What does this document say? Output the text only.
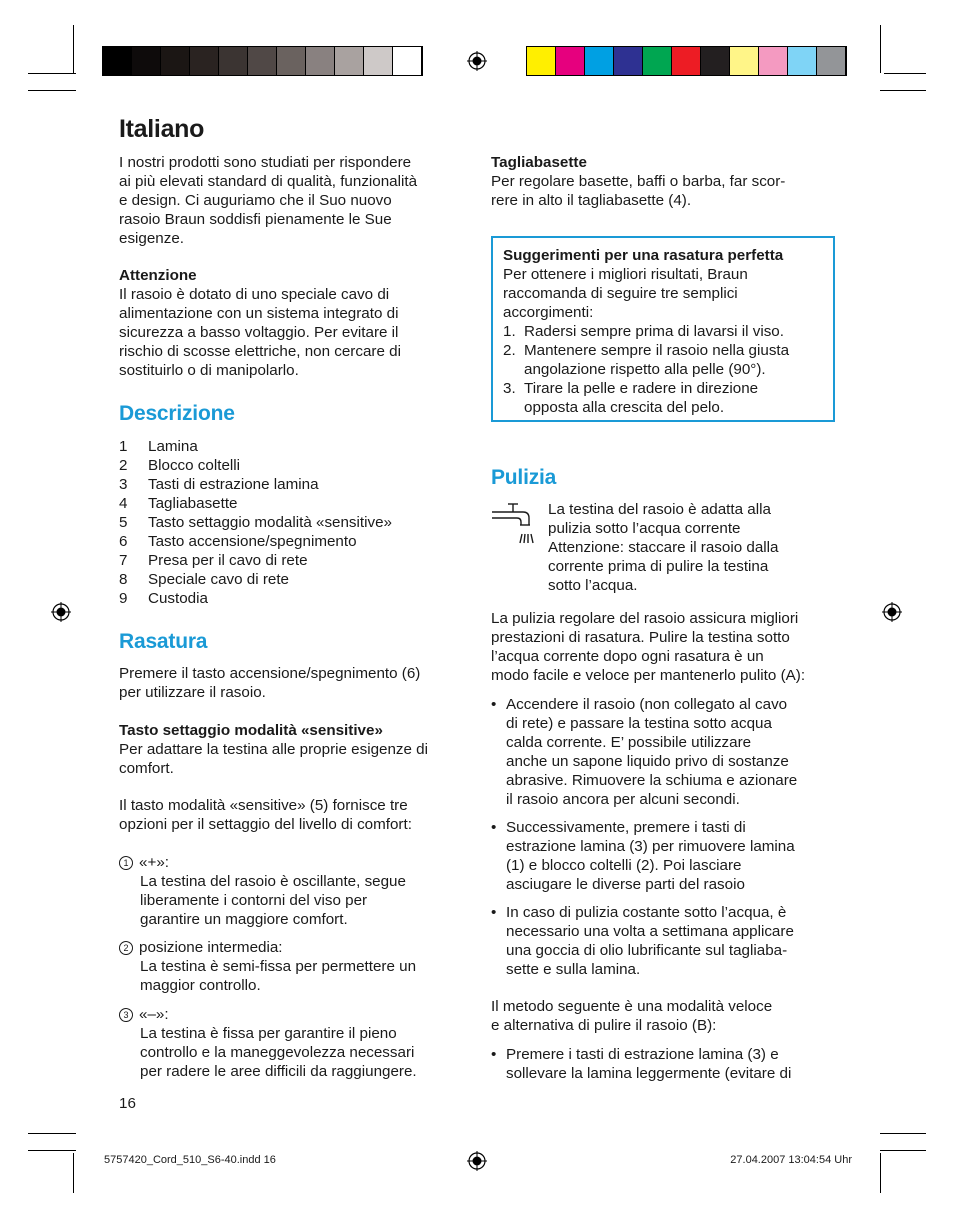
Italiano

I nostri prodotti sono studiati per rispondere

ai più elevati standard di qualità, funzionalità

e design. Ci auguriamo che il Suo nuovo

rasoio Braun soddisfi pienamente le Sue

esigenze.

Attenzione

Il rasoio è dotato di uno speciale cavo di

alimentazione con un sistema integrato di

sicurezza a basso voltaggio. Per evitare il

rischio di scosse elettriche, non cercare di

sostituirlo o di manipolarlo.

Descrizione
1	Lamina
2	Blocco coltelli
3	Tasti di estrazione lamina
4	Tagliabasette
5	Tasto settaggio modalità «sensitive»
6	Tasto accensione/spegnimento
7	Presa per il cavo di rete
8	Speciale cavo di rete
9	Custodia
Rasatura

Premere il tasto accensione/spegnimento (6)

per utilizzare il rasoio.

Tasto settaggio modalità «sensitive»

Per adattare la testina alle proprie esigenze di

comfort.

Il tasto modalità «sensitive» (5) fornisce tre

opzioni per il settaggio del livello di comfort:

1 «+»:

La testina del rasoio è oscillante, segue

liberamente i contorni del viso per

garantire un maggiore comfort.

2 posizione intermedia:

La testina è semi-fissa per permettere un

maggior controllo.

3 «–»:

La testina è fissa per garantire il pieno

controllo e la maneggevolezza necessari

per radere le aree difficili da raggiungere.

16

Tagliabasette

Per regolare basette, baffi o barba, far scor-

rere in alto il tagliabasette (4).

Suggerimenti per una rasatura perfetta

Per ottenere i migliori risultati, Braun

raccomanda di seguire tre semplici

accorgimenti:

1. Radersi sempre prima di lavarsi il viso.
2. Mantenere sempre il rasoio nella giusta
angolazione rispetto alla pelle (90°).
3. Tirare la pelle e radere in direzione
opposta alla crescita del pelo.
Pulizia

La testina del rasoio è adatta alla

pulizia sotto l’acqua corrente

Attenzione: staccare il rasoio dalla

corrente prima di pulire la testina

sotto l’acqua.

La pulizia regolare del rasoio assicura migliori

prestazioni di rasatura. Pulire la testina sotto

l’acqua corrente dopo ogni rasatura è un

modo facile e veloce per mantenerlo pulito (A):

• Accendere il rasoio (non collegato al cavo
di rete) e passare la testina sotto acqua
calda corrente. E’ possibile utilizzare
anche un sapone liquido privo di sostanze
abrasive. Rimuovere la schiuma e azionare
il rasoio ancora per alcuni secondi.
• Successivamente, premere i tasti di
estrazione lamina (3) per rimuovere lamina
(1) e blocco coltelli (2). Poi lasciare
asciugare le diverse parti del rasoio
• In caso di pulizia costante sotto l’acqua, è
necessario una volta a settimana applicare
una goccia di olio lubrificante sul tagliaba-
sette e sulla lamina.

Il metodo seguente è una modalità veloce

e alternativa di pulire il rasoio (B):

• Premere i tasti di estrazione lamina (3) e
sollevare la lamina leggermente (evitare di
5757420_Cord_510_S6-40.indd 16	27.04.2007 13:04:54 Uhr
